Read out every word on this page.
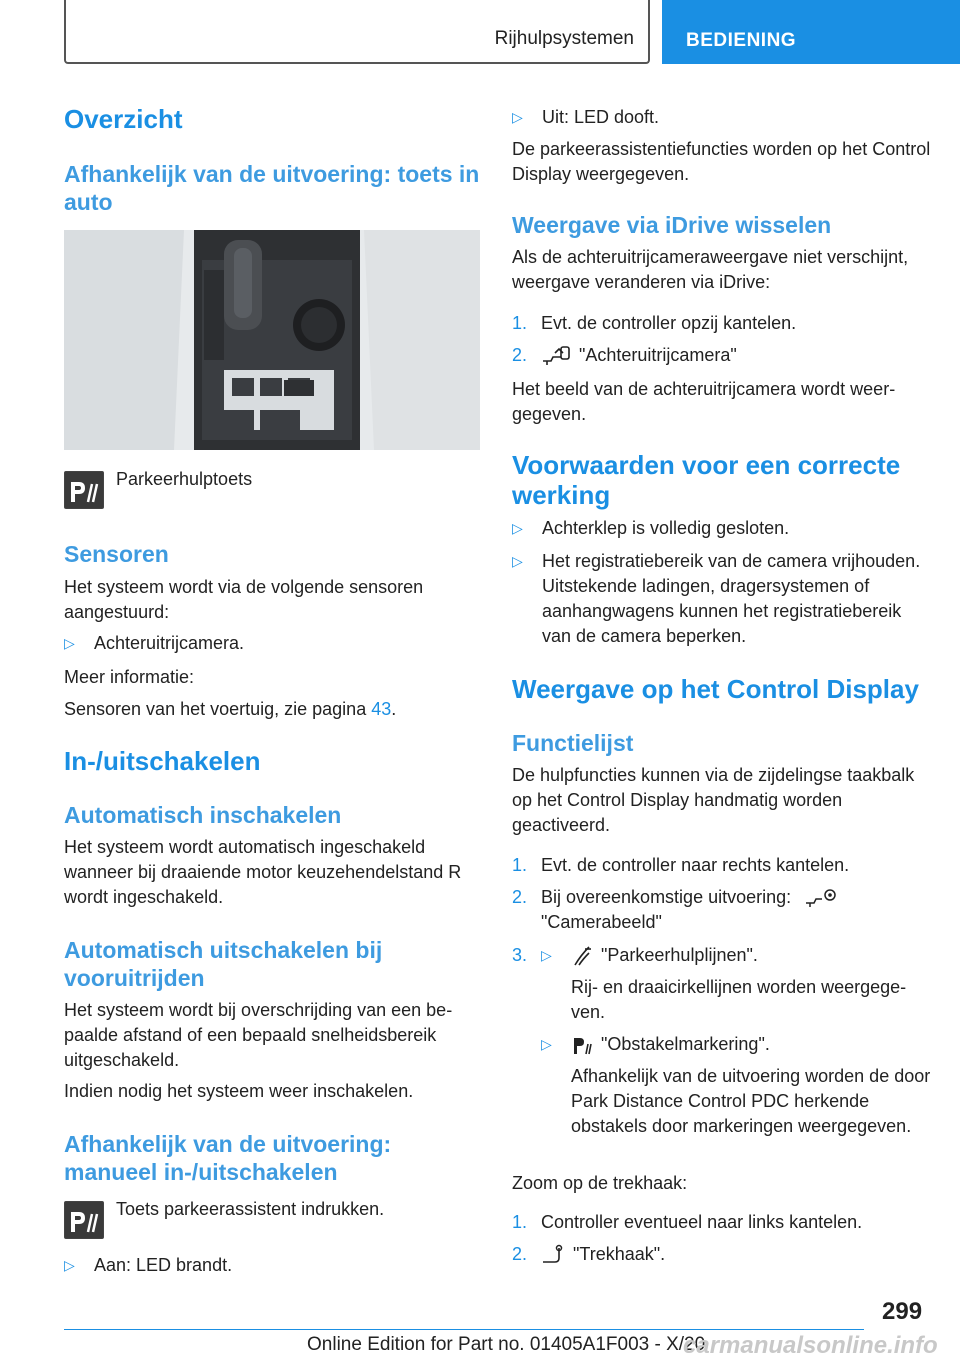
Rijhulpsystemen	BEDIENING
Overzicht
Afhankelijk van de uitvoering: toets in auto
Parkeerhulptoets
Sensoren
Het systeem wordt via de volgende sensoren aangestuurd:
▷ Achteruitrijcamera.
Meer informatie:
Sensoren van het voertuig, zie pagina 43.
In-/uitschakelen
Automatisch inschakelen
Het systeem wordt automatisch ingeschakeld wanneer bij draaiende motor keuzehendelstand R wordt ingeschakeld.
Automatisch uitschakelen bij vooruitrijden
Het systeem wordt bij overschrijding van een bepaalde afstand of een bepaald snelheidsbereik uitgeschakeld.
Indien nodig het systeem weer inschakelen.
Afhankelijk van de uitvoering: manueel in-/uitschakelen
Toets parkeerassistent indrukken.
▷ Aan: LED brandt.
▷ Uit: LED dooft.
De parkeerassistentiefuncties worden op het Control Display weergegeven.
Weergave via iDrive wisselen
Als de achteruitrijcameraweergave niet verschijnt, weergave veranderen via iDrive:
1. Evt. de controller opzij kantelen.
2.	"Achteruitrijcamera"
Het beeld van de achteruitrijcamera wordt weergegeven.
Voorwaarden voor een correcte werking
▷ Achterklep is volledig gesloten.
▷ Het registratiebereik van de camera vrijhouden. Uitstekende ladingen, dragersystemen of aanhangwagens kunnen het registratiebereik van de camera beperken.
Weergave op het Control Display
Functielijst
De hulpfuncties kunnen via de zijdelingse taakbalk op het Control Display handmatig worden geactiveerd.
1. Evt. de controller naar rechts kantelen.
2. Bij overeenkomstige uitvoering:
"Camerabeeld"
3. ▷	"Parkeerhulplijnen".
Rij- en draaicirkellijnen worden weergegeven.
▷	"Obstakelmarkering".
Afhankelijk van de uitvoering worden de door Park Distance Control PDC herkende obstakels door markeringen weergegeven.
Zoom op de trekhaak:
1. Controller eventueel naar links kantelen.
2.	"Trekhaak".
299
Online Edition for Part no. 01405A1F003 - X/20
carmanualsonline.info
